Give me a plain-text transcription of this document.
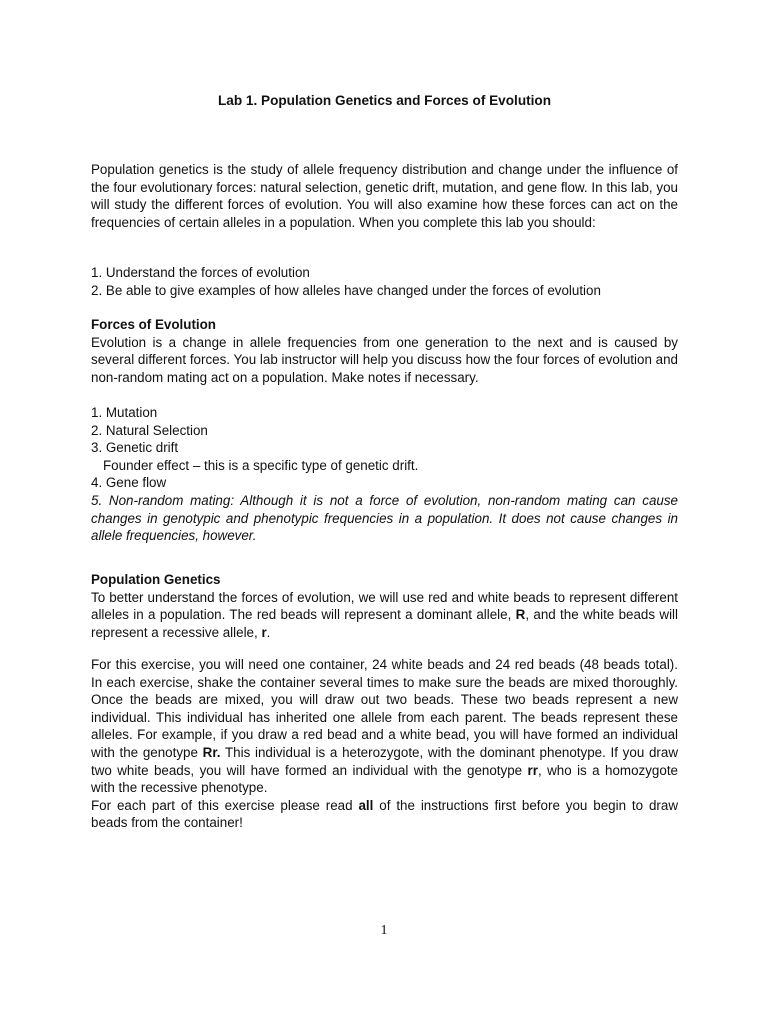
Lab 1. Population Genetics and Forces of Evolution

Population genetics is the study of allele frequency distribution and change under the influence of the four evolutionary forces: natural selection, genetic drift, mutation, and gene flow. In this lab, you will study the different forces of evolution. You will also examine how these forces can act on the frequencies of certain alleles in a population. When you complete this lab you should:

1. Understand the forces of evolution
2. Be able to give examples of how alleles have changed under the forces of evolution
Forces of Evolution

Evolution is a change in allele frequencies from one generation to the next and is caused by several different forces. You lab instructor will help you discuss how the four forces of evolution and non-random mating act on a population. Make notes if necessary.

1. Mutation
2. Natural Selection
3. Genetic drift
Founder effect – this is a specific type of genetic drift.
4. Gene flow

5. Non-random mating: Although it is not a force of evolution, non-random mating can cause changes in genotypic and phenotypic frequencies in a population. It does not cause changes in allele frequencies, however.

Population Genetics

To better understand the forces of evolution, we will use red and white beads to represent different alleles in a population. The red beads will represent a dominant allele, R, and the white beads will represent a recessive allele, r.

For this exercise, you will need one container, 24 white beads and 24 red beads (48 beads total). In each exercise, shake the container several times to make sure the beads are mixed thoroughly. Once the beads are mixed, you will draw out two beads. These two beads represent a new individual. This individual has inherited one allele from each parent. The beads represent these alleles. For example, if you draw a red bead and a white bead, you will have formed an individual with the genotype Rr. This individual is a heterozygote, with the dominant phenotype. If you draw two white beads, you will have formed an individual with the genotype rr, who is a homozygote with the recessive phenotype.

For each part of this exercise please read all of the instructions first before you begin to draw beads from the container!

1
